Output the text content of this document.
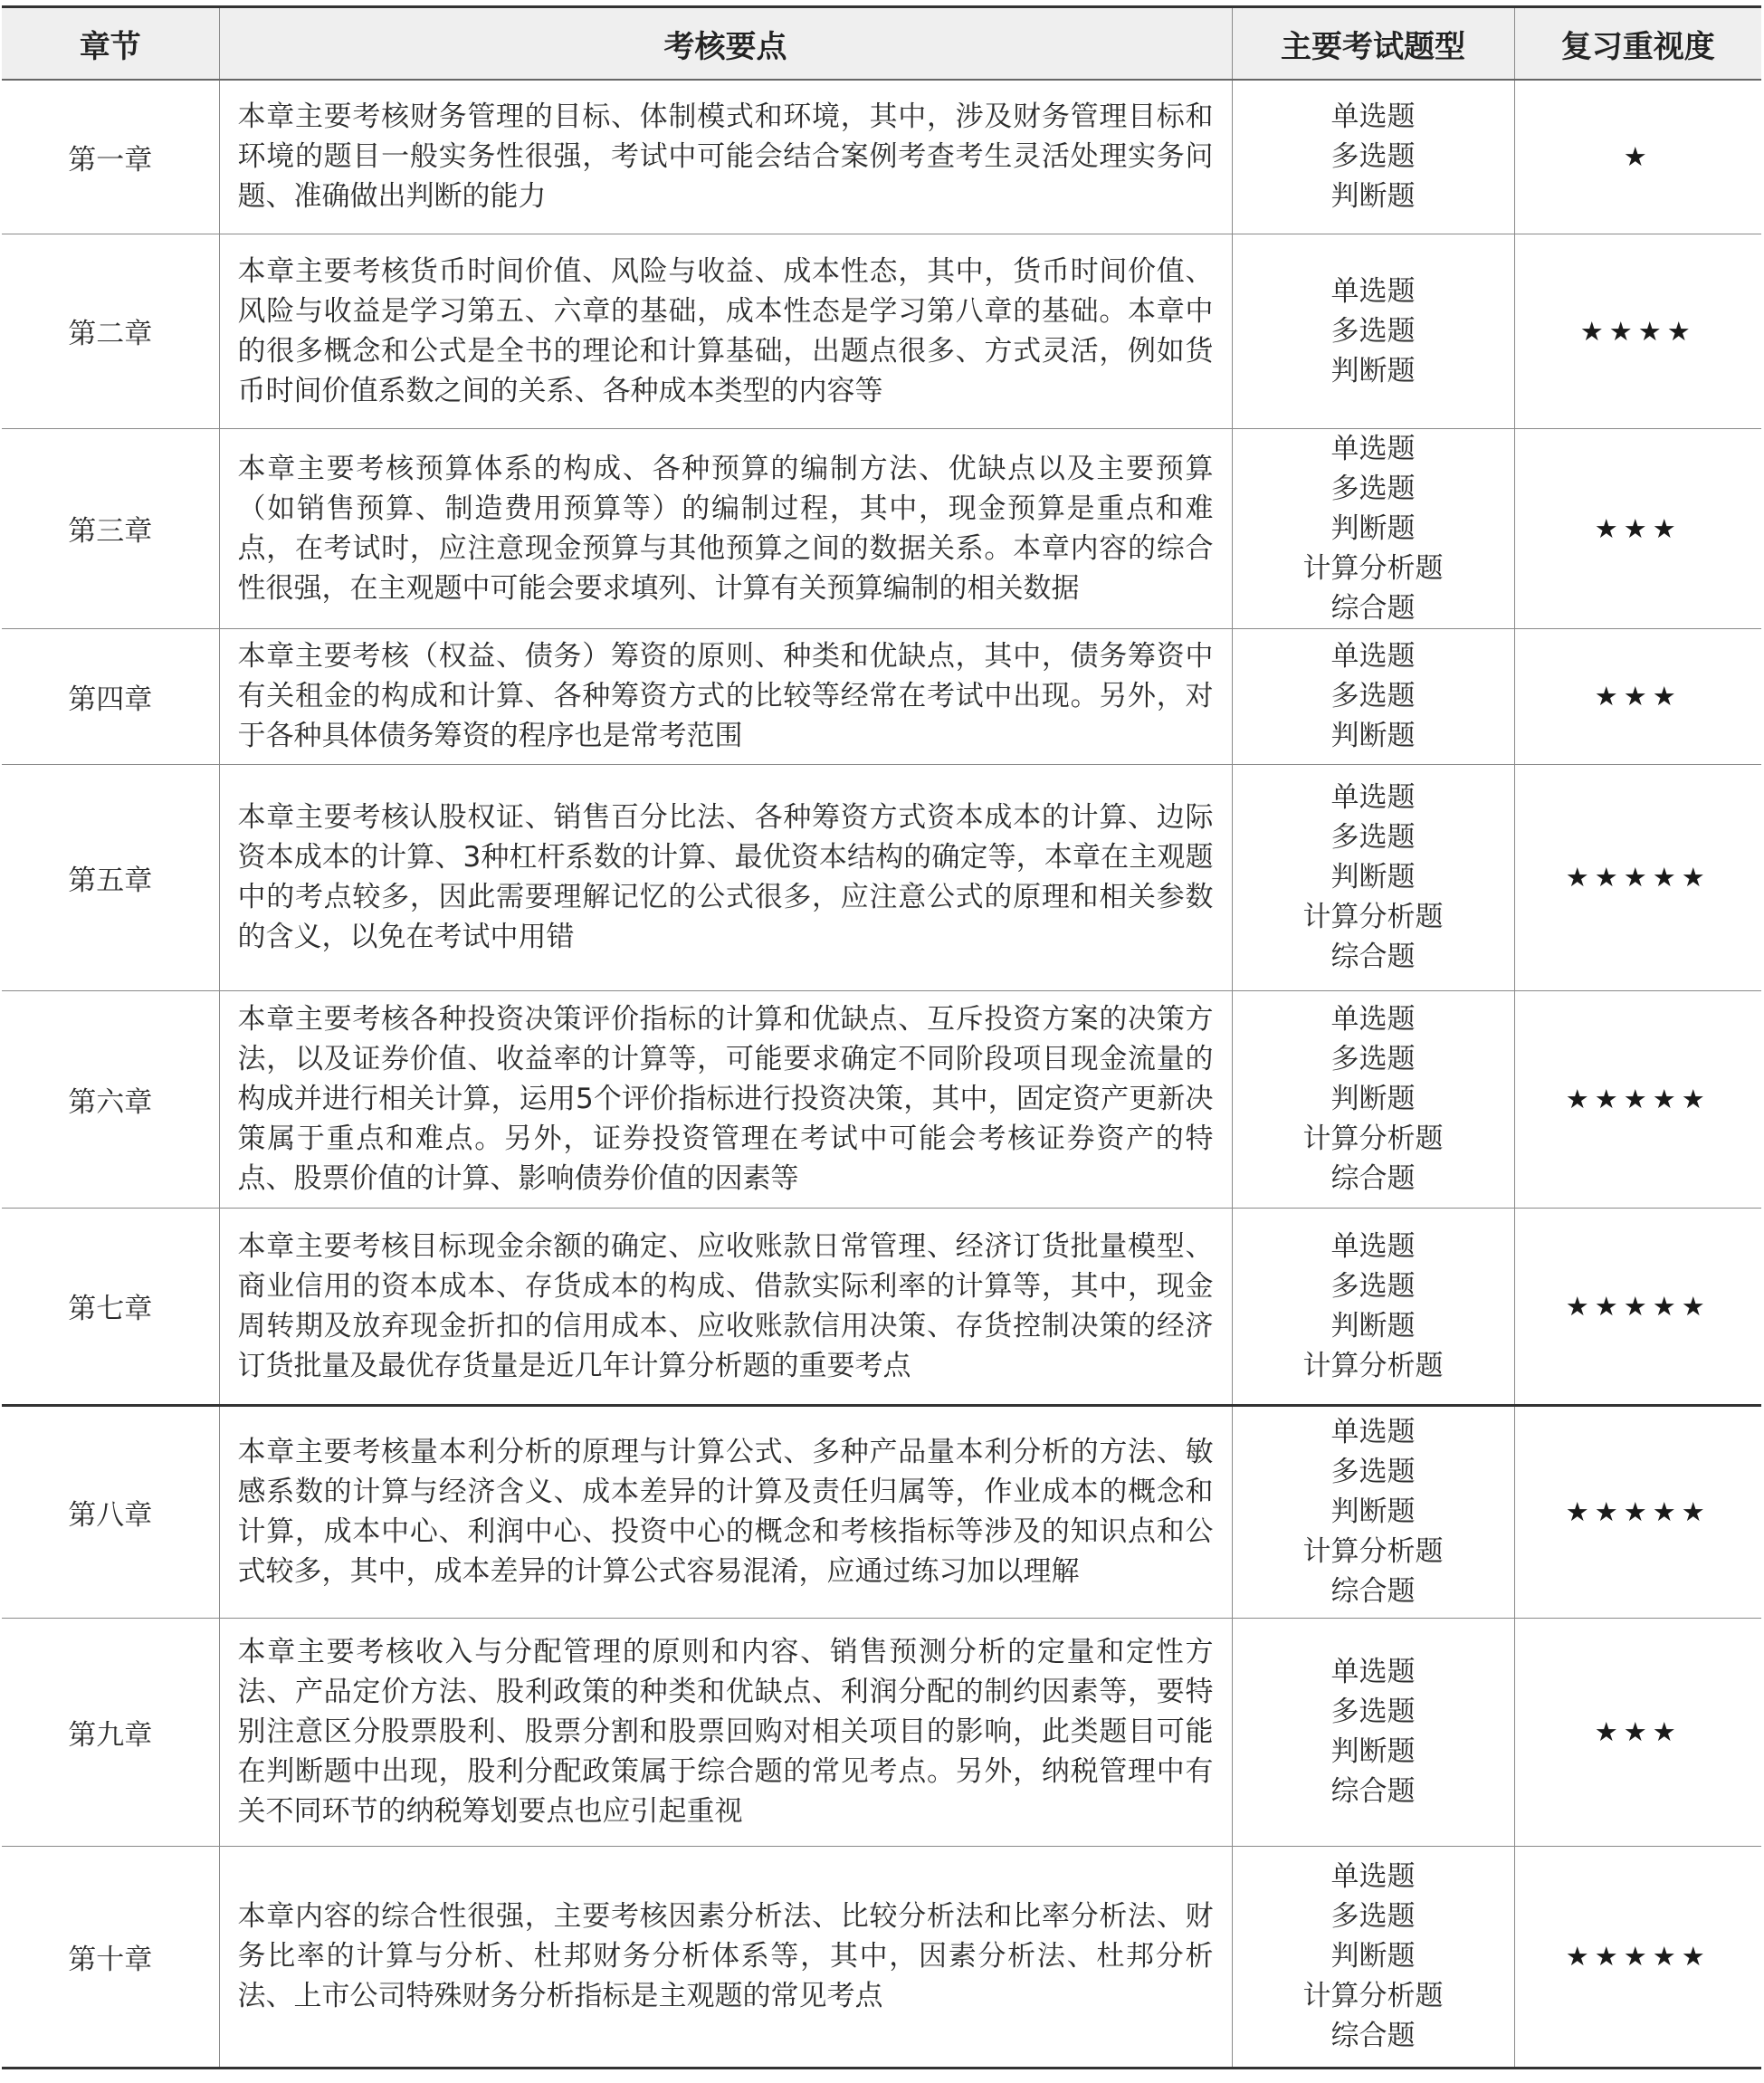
章节	考核要点	主要考试题型	复习重视度
第一章	本章主要考核财务管理的目标、体制模式和环境，其中，涉及财务管理目标和环境的题目一般实务性很强，考试中可能会结合案例考查考生灵活处理实务问题、准确做出判断的能力	单选题
多选题
判断题	★
第二章	本章主要考核货币时间价值、风险与收益、成本性态，其中，货币时间价值、风险与收益是学习第五、六章的基础，成本性态是学习第八章的基础。本章中的很多概念和公式是全书的理论和计算基础，出题点很多、方式灵活，例如货币时间价值系数之间的关系、各种成本类型的内容等	单选题
多选题
判断题	★★★★
第三章	本章主要考核预算体系的构成、各种预算的编制方法、优缺点以及主要预算（如销售预算、制造费用预算等）的编制过程，其中，现金预算是重点和难点，在考试时，应注意现金预算与其他预算之间的数据关系。本章内容的综合性很强，在主观题中可能会要求填列、计算有关预算编制的相关数据	单选题
多选题
判断题
计算分析题
综合题	★★★
第四章	本章主要考核（权益、债务）筹资的原则、种类和优缺点，其中，债务筹资中有关租金的构成和计算、各种筹资方式的比较等经常在考试中出现。另外，对于各种具体债务筹资的程序也是常考范围	单选题
多选题
判断题	★★★
第五章	本章主要考核认股权证、销售百分比法、各种筹资方式资本成本的计算、边际资本成本的计算、3种杠杆系数的计算、最优资本结构的确定等，本章在主观题中的考点较多，因此需要理解记忆的公式很多，应注意公式的原理和相关参数的含义，以免在考试中用错	单选题
多选题
判断题
计算分析题
综合题	★★★★★
第六章	本章主要考核各种投资决策评价指标的计算和优缺点、互斥投资方案的决策方法，以及证券价值、收益率的计算等，可能要求确定不同阶段项目现金流量的构成并进行相关计算，运用5个评价指标进行投资决策，其中，固定资产更新决策属于重点和难点。另外，证券投资管理在考试中可能会考核证券资产的特点、股票价值的计算、影响债券价值的因素等	单选题
多选题
判断题
计算分析题
综合题	★★★★★
第七章	本章主要考核目标现金余额的确定、应收账款日常管理、经济订货批量模型、商业信用的资本成本、存货成本的构成、借款实际利率的计算等，其中，现金周转期及放弃现金折扣的信用成本、应收账款信用决策、存货控制决策的经济订货批量及最优存货量是近几年计算分析题的重要考点	单选题
多选题
判断题
计算分析题	★★★★★
第八章	本章主要考核量本利分析的原理与计算公式、多种产品量本利分析的方法、敏感系数的计算与经济含义、成本差异的计算及责任归属等，作业成本的概念和计算，成本中心、利润中心、投资中心的概念和考核指标等涉及的知识点和公式较多，其中，成本差异的计算公式容易混淆，应通过练习加以理解	单选题
多选题
判断题
计算分析题
综合题	★★★★★
第九章	本章主要考核收入与分配管理的原则和内容、销售预测分析的定量和定性方法、产品定价方法、股利政策的种类和优缺点、利润分配的制约因素等，要特别注意区分股票股利、股票分割和股票回购对相关项目的影响，此类题目可能在判断题中出现，股利分配政策属于综合题的常见考点。另外，纳税管理中有关不同环节的纳税筹划要点也应引起重视	单选题
多选题
判断题
综合题	★★★
第十章	本章内容的综合性很强，主要考核因素分析法、比较分析法和比率分析法、财务比率的计算与分析、杜邦财务分析体系等，其中，因素分析法、杜邦分析法、上市公司特殊财务分析指标是主观题的常见考点	单选题
多选题
判断题
计算分析题
综合题	★★★★★
